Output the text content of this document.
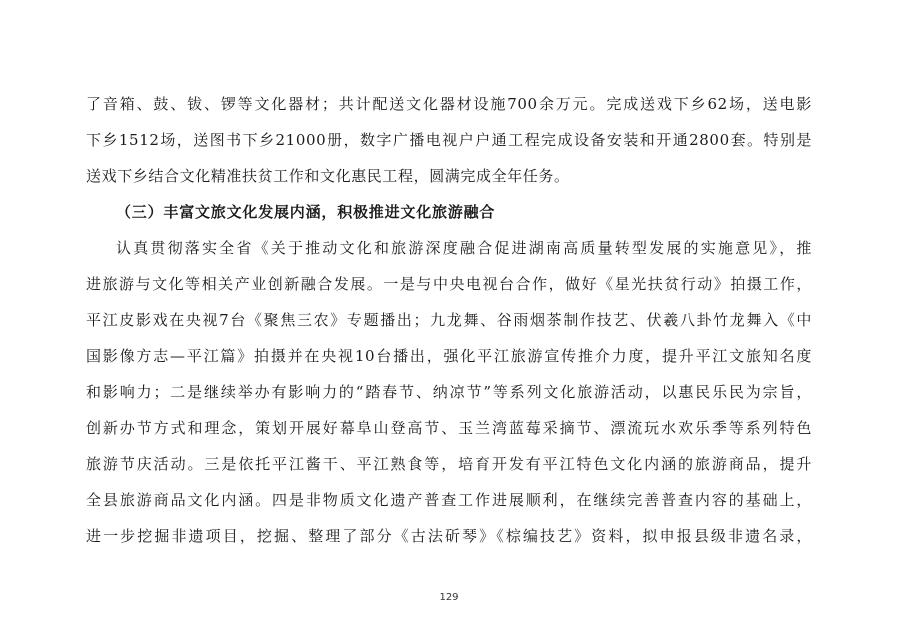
了音箱、鼓、钹、锣等文化器材；共计配送文化器材设施700余万元。完成送戏下乡62场，送电影
下乡1512场，送图书下乡21000册，数字广播电视户户通工程完成设备安装和开通2800套。特别是
送戏下乡结合文化精准扶贫工作和文化惠民工程，圆满完成全年任务。
（三）丰富文旅文化发展内涵，积极推进文化旅游融合
认真贯彻落实全省《关于推动文化和旅游深度融合促进湖南高质量转型发展的实施意见》，推
进旅游与文化等相关产业创新融合发展。一是与中央电视台合作，做好《星光扶贫行动》拍摄工作，
平江皮影戏在央视7台《聚焦三农》专题播出；九龙舞、谷雨烟茶制作技艺、伏羲八卦竹龙舞入《中
国影像方志—平江篇》拍摄并在央视10台播出，强化平江旅游宣传推介力度，提升平江文旅知名度
和影响力；二是继续举办有影响力的“踏春节、纳凉节”等系列文化旅游活动，以惠民乐民为宗旨，
创新办节方式和理念，策划开展好幕阜山登高节、玉兰湾蓝莓采摘节、漂流玩水欢乐季等系列特色
旅游节庆活动。三是依托平江酱干、平江熟食等，培育开发有平江特色文化内涵的旅游商品，提升
全县旅游商品文化内涵。四是非物质文化遗产普查工作进展顺利，在继续完善普查内容的基础上，
进一步挖掘非遗项目，挖掘、整理了部分《古法斫琴》《棕编技艺》资料，拟申报县级非遗名录，
129
